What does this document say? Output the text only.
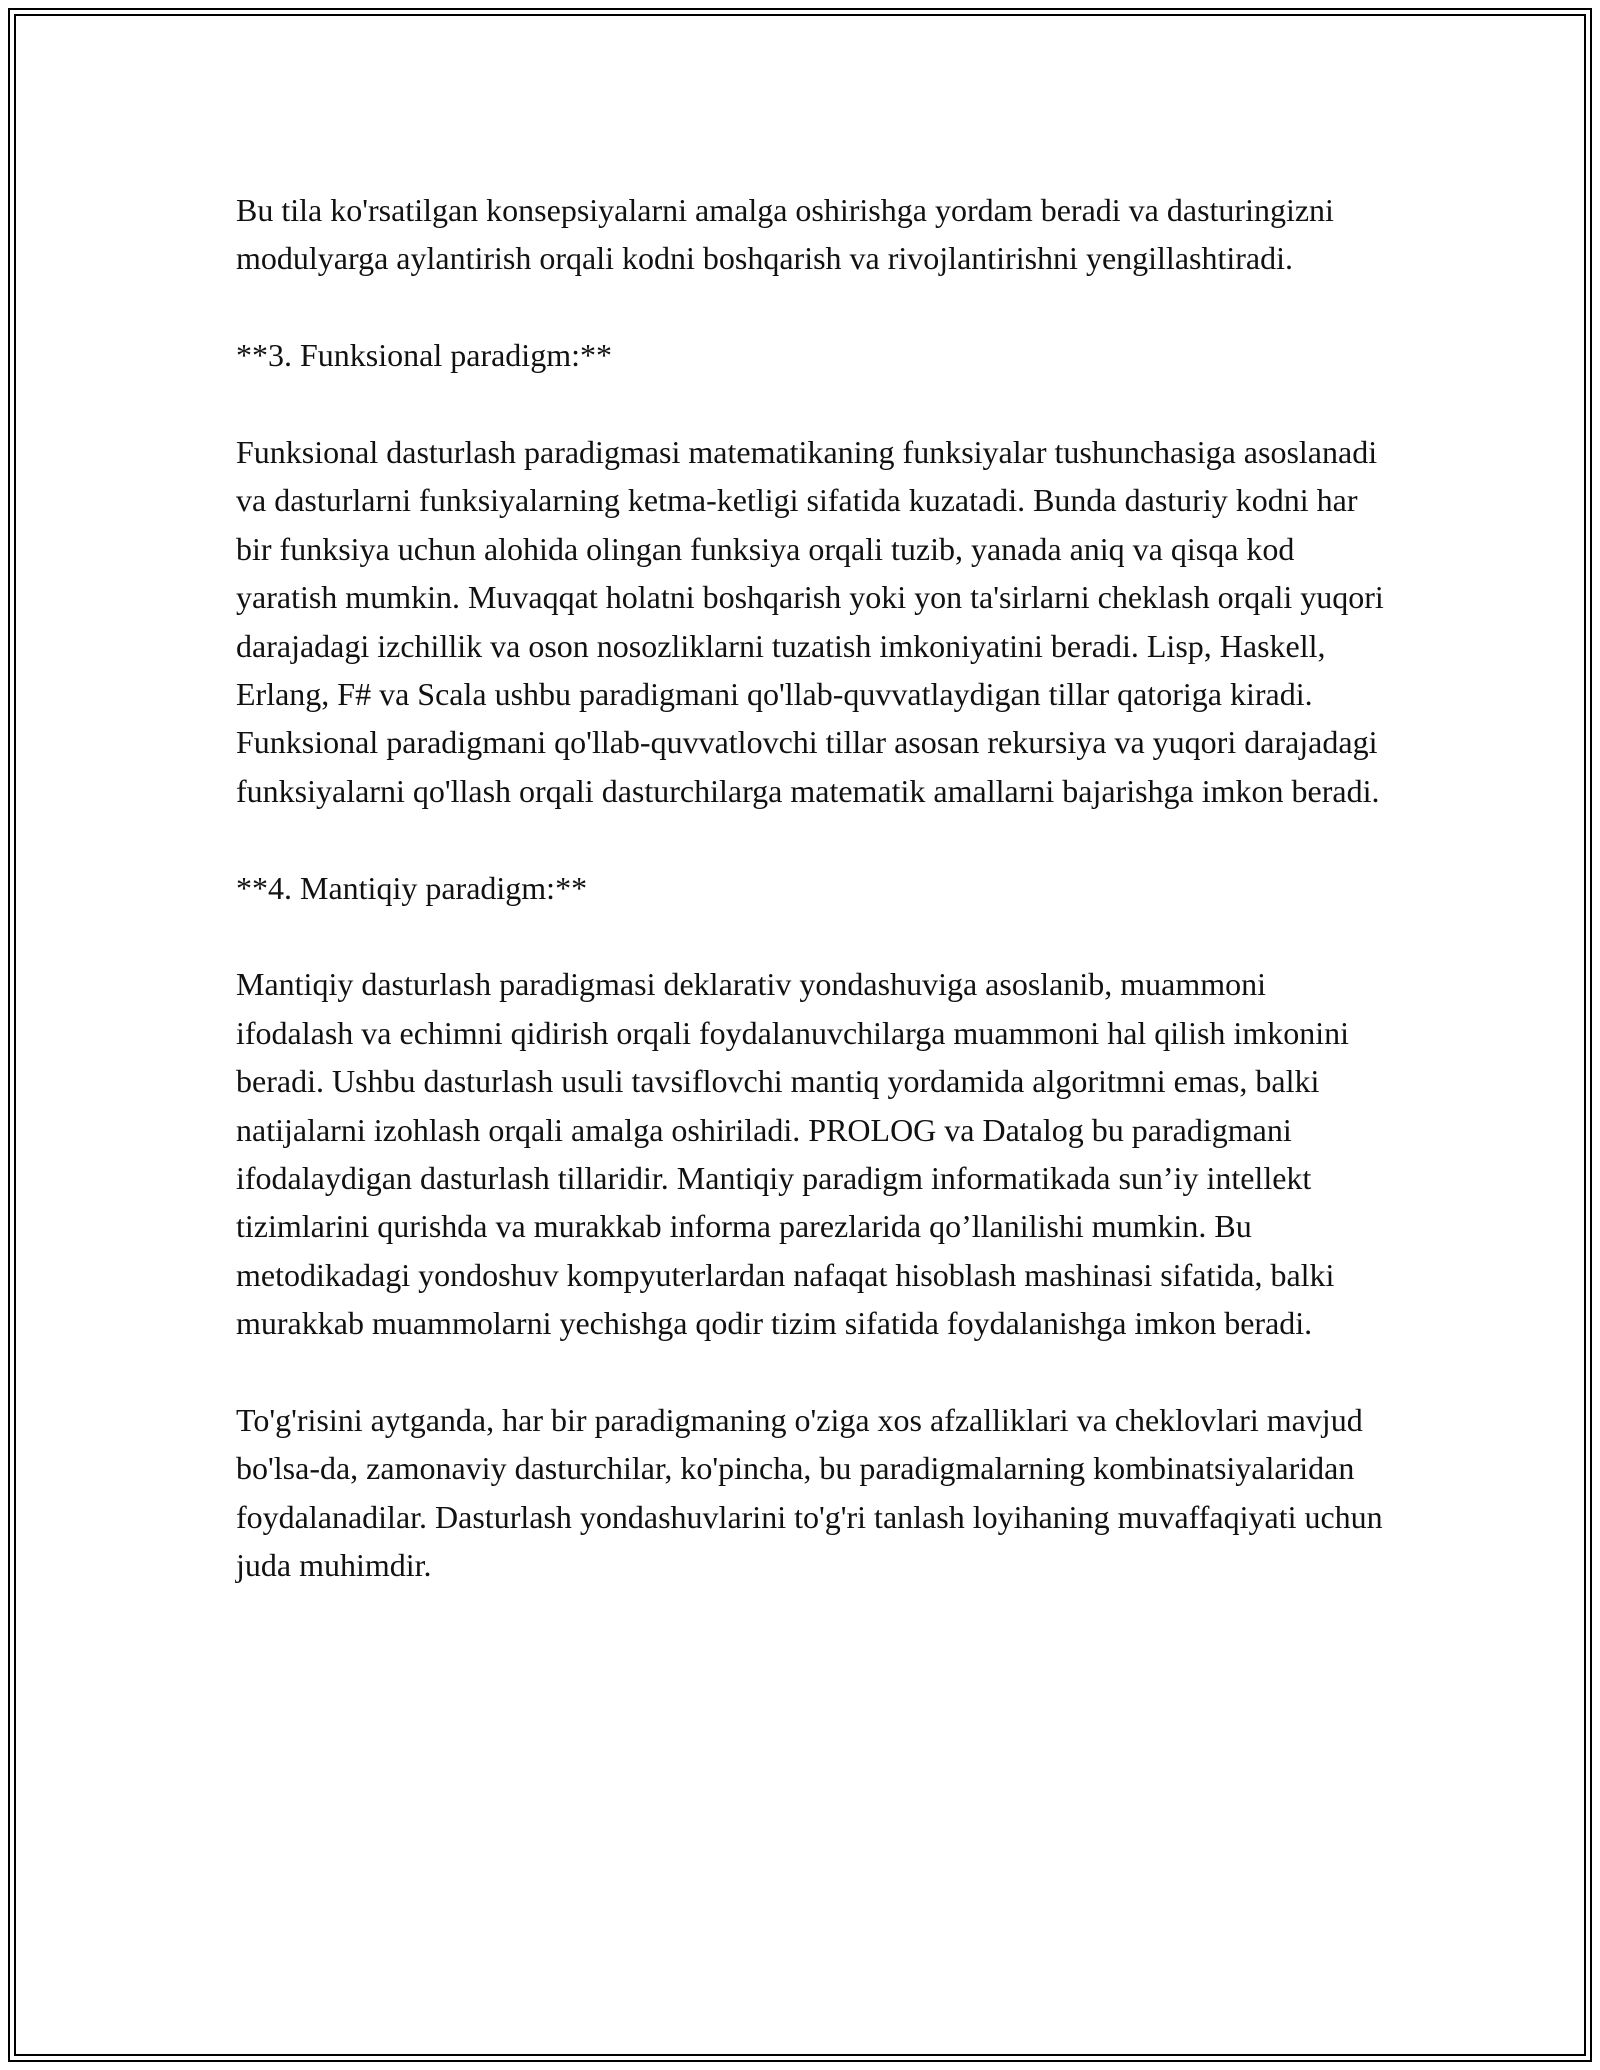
Bu tila ko'rsatilgan konsepsiyalarni amalga oshirishga yordam beradi va dasturingizni modulyarga aylantirish orqali kodni boshqarish va rivojlantirishni yengillashtiradi.

**3. Funksional paradigm:**

Funksional dasturlash paradigmasi matematikaning funksiyalar tushunchasiga asoslanadi va dasturlarni funksiyalarning ketma-ketligi sifatida kuzatadi. Bunda dasturiy kodni har bir funksiya uchun alohida olingan funksiya orqali tuzib, yanada aniq va qisqa kod yaratish mumkin. Muvaqqat holatni boshqarish yoki yon ta'sirlarni cheklash orqali yuqori darajadagi izchillik va oson nosozliklarni tuzatish imkoniyatini beradi. Lisp, Haskell, Erlang, F# va Scala ushbu paradigmani qo'llab-quvvatlaydigan tillar qatoriga kiradi. Funksional paradigmani qo'llab-quvvatlovchi tillar asosan rekursiya va yuqori darajadagi funksiyalarni qo'llash orqali dasturchilarga matematik amallarni bajarishga imkon beradi.

**4. Mantiqiy paradigm:**

Mantiqiy dasturlash paradigmasi deklarativ yondashuviga asoslanib, muammoni ifodalash va echimni qidirish orqali foydalanuvchilarga muammoni hal qilish imkonini beradi. Ushbu dasturlash usuli tavsiflovchi mantiq yordamida algoritmni emas, balki natijalarni izohlash orqali amalga oshiriladi. PROLOG va Datalog bu paradigmani ifodalaydigan dasturlash tillaridir. Mantiqiy paradigm informatikada sun’iy intellekt tizimlarini qurishda va murakkab informa parezlarida qo’llanilishi mumkin. Bu metodikadagi yondoshuv kompyuterlardan nafaqat hisoblash mashinasi sifatida, balki murakkab muammolarni yechishga qodir tizim sifatida foydalanishga imkon beradi.

To'g'risini aytganda, har bir paradigmaning o'ziga xos afzalliklari va cheklovlari mavjud bo'lsa-da, zamonaviy dasturchilar, ko'pincha, bu paradigmalarning kombinatsiyalaridan foydalanadilar. Dasturlash yondashuvlarini to'g'ri tanlash loyihaning muvaffaqiyati uchun juda muhimdir.
